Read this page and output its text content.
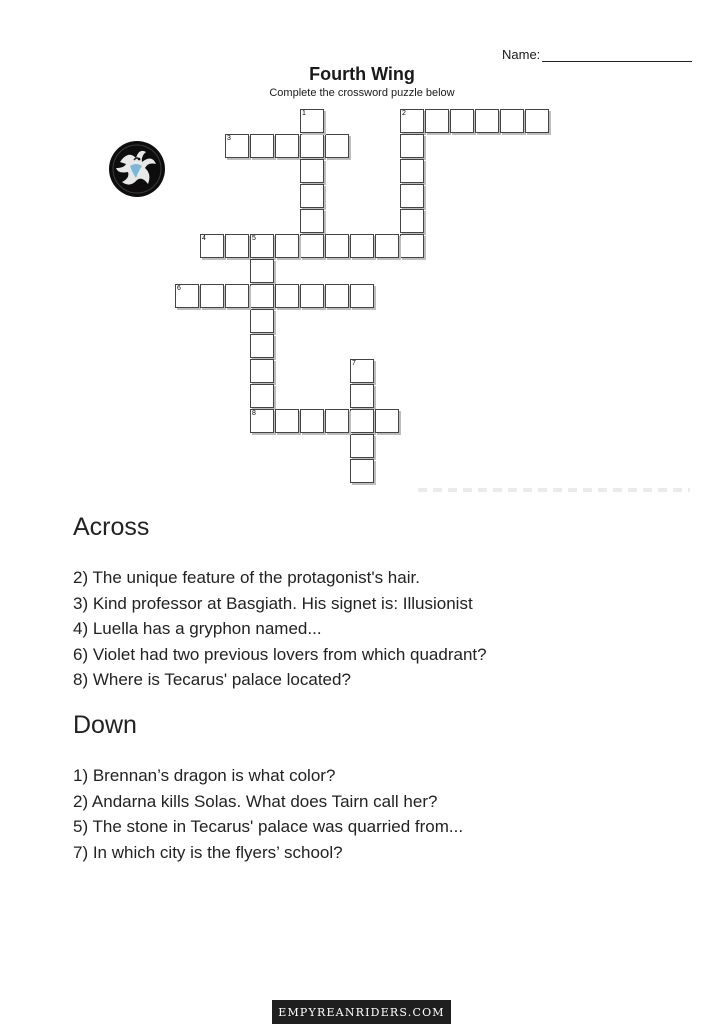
Name:
Fourth Wing
Complete the crossword puzzle below
3
2
1
4	5
8
6
7
Across
2) The unique feature of the protagonist's hair.
3) Kind professor at Basgiath. His signet is: Illusionist
4) Luella has a gryphon named...
6) Violet had two previous lovers from which quadrant?
8) Where is Tecarus' palace located?
Down
1) Brennan’s dragon is what color?
2) Andarna kills Solas. What does Tairn call her?
5) The stone in Tecarus' palace was quarried from...
7) In which city is the flyers’ school?
EMPYREANRIDERS.COM
